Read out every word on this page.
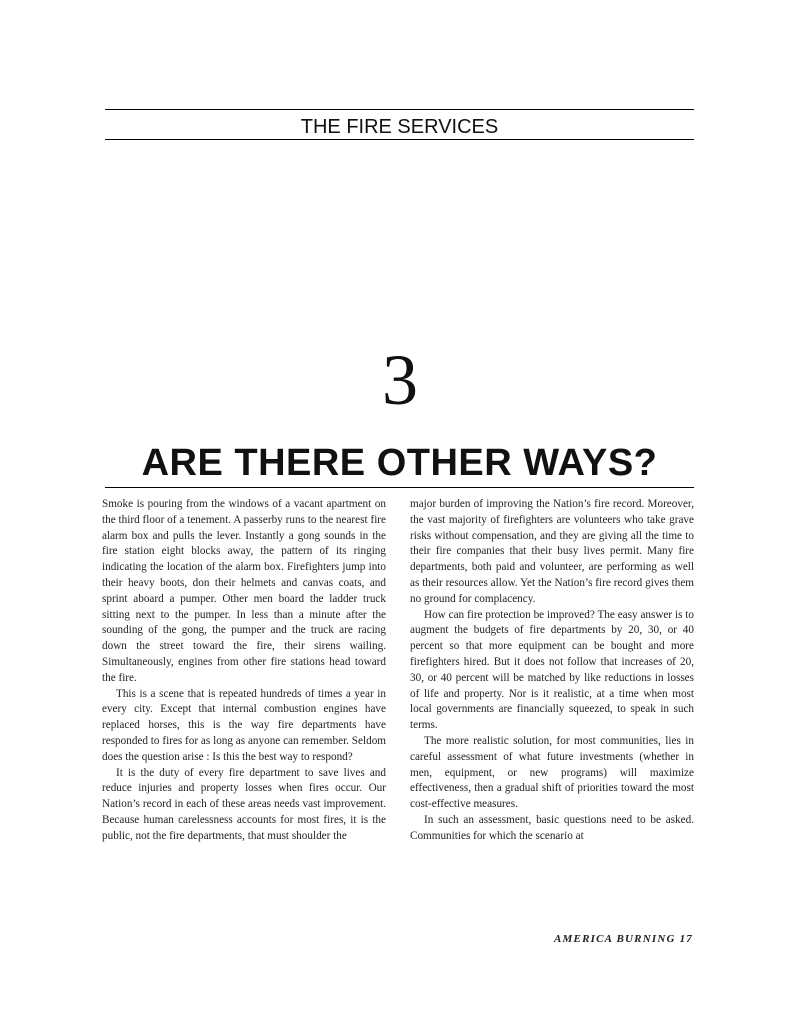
THE FIRE SERVICES
3
ARE THERE OTHER WAYS?

Smoke is pouring from the windows of a vacant apartment on the third floor of a tenement. A passerby runs to the nearest fire alarm box and pulls the lever. Instantly a gong sounds in the fire station eight blocks away, the pattern of its ringing indicating the location of the alarm box. Firefighters jump into their heavy boots, don their helmets and canvas coats, and sprint aboard a pumper. Other men board the ladder truck sitting next to the pumper. In less than a minute after the sounding of the gong, the pumper and the truck are racing down the street toward the fire, their sirens wailing. Simultaneously, engines from other fire stations head toward the fire.

This is a scene that is repeated hundreds of times a year in every city. Except that internal combustion engines have replaced horses, this is the way fire departments have responded to fires for as long as anyone can remember. Seldom does the question arise : Is this the best way to respond?

It is the duty of every fire department to save lives and reduce injuries and property losses when fires occur. Our Nation’s record in each of these areas needs vast improvement. Because human carelessness accounts for most fires, it is the public, not the fire departments, that must shoulder the

major burden of improving the Nation’s fire record. Moreover, the vast majority of firefighters are volunteers who take grave risks without compensation, and they are giving all the time to their fire companies that their busy lives permit. Many fire departments, both paid and volunteer, are performing as well as their resources allow. Yet the Nation’s fire record gives them no ground for complacency.

How can fire protection be improved? The easy answer is to augment the budgets of fire departments by 20, 30, or 40 percent so that more equipment can be bought and more firefighters hired. But it does not follow that increases of 20, 30, or 40 percent will be matched by like reductions in losses of life and property. Nor is it realistic, at a time when most local governments are financially squeezed, to speak in such terms.

The more realistic solution, for most communities, lies in careful assessment of what future investments (whether in men, equipment, or new programs) will maximize effectiveness, then a gradual shift of priorities toward the most cost-effective measures.

In such an assessment, basic questions need to be asked. Communities for which the scenario at

AMERICA BURNING 17
